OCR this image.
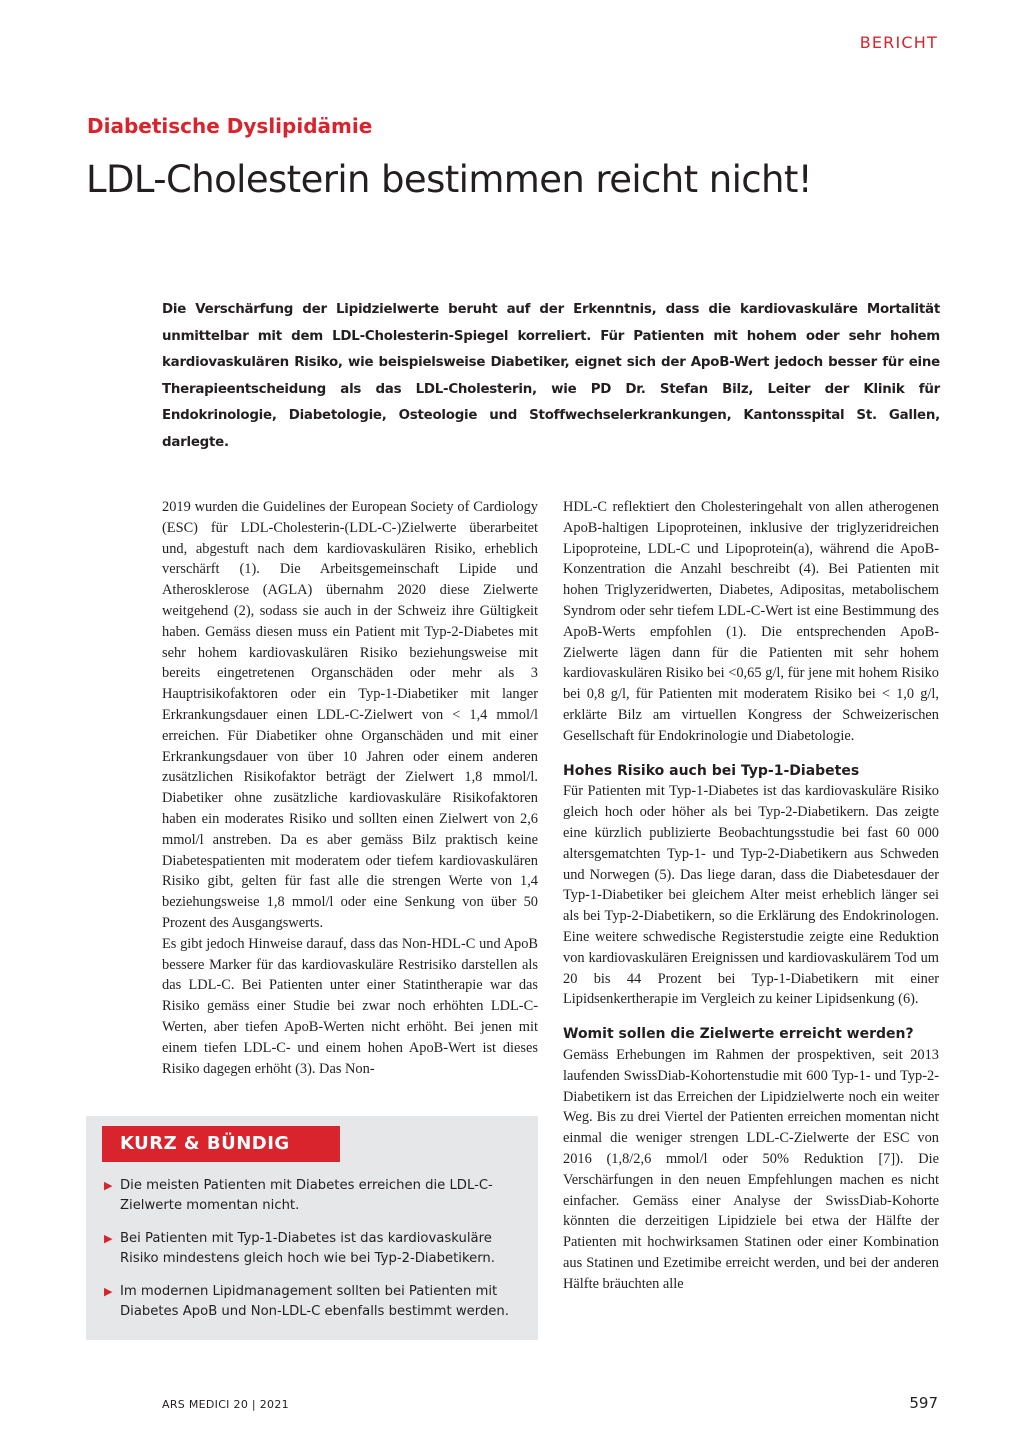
BERICHT
Diabetische Dyslipidämie
LDL-Cholesterin bestimmen reicht nicht!

Die Verschärfung der Lipidzielwerte beruht auf der Erkenntnis, dass die kardiovaskuläre Mortalität unmittelbar mit dem LDL-Cholesterin-Spiegel korreliert. Für Patienten mit hohem oder sehr hohem kardiovaskulären Risiko, wie beispielsweise Diabetiker, eignet sich der ApoB-Wert jedoch besser für eine Therapieentscheidung als das LDL-Cholesterin, wie PD Dr. Stefan Bilz, Leiter der Klinik für Endokrinologie, Diabetologie, Osteologie und Stoffwechselerkrankungen, Kantonsspital St. Gallen, darlegte.

2019 wurden die Guidelines der European Society of Cardiology (ESC) für LDL-Cholesterin-(LDL-C-)Zielwerte überarbeitet und, abgestuft nach dem kardiovaskulären Risiko, erheblich verschärft (1). Die Arbeitsgemeinschaft Lipide und Atherosklerose (AGLA) übernahm 2020 diese Zielwerte weitgehend (2), sodass sie auch in der Schweiz ihre Gültigkeit haben. Gemäss diesen muss ein Patient mit Typ-2-Diabetes mit sehr hohem kardiovaskulären Risiko beziehungsweise mit bereits eingetretenen Organschäden oder mehr als 3 Hauptrisikofaktoren oder ein Typ-1-Diabetiker mit langer Erkrankungsdauer einen LDL-C-Zielwert von < 1,4 mmol/l erreichen. Für Diabetiker ohne Organschäden und mit einer Erkrankungsdauer von über 10 Jahren oder einem anderen zusätzlichen Risikofaktor beträgt der Zielwert 1,8 mmol/l. Diabetiker ohne zusätzliche kardiovaskuläre Risikofaktoren haben ein moderates Risiko und sollten einen Zielwert von 2,6 mmol/l anstreben. Da es aber gemäss Bilz praktisch keine Diabetespatienten mit moderatem oder tiefem kardiovaskulären Risiko gibt, gelten für fast alle die strengen Werte von 1,4 beziehungsweise 1,8 mmol/l oder eine Senkung von über 50 Prozent des Ausgangswerts.

Es gibt jedoch Hinweise darauf, dass das Non-HDL-C und ApoB bessere Marker für das kardiovaskuläre Restrisiko darstellen als das LDL-C. Bei Patienten unter einer Statintherapie war das Risiko gemäss einer Studie bei zwar noch erhöhten LDL-C-Werten, aber tiefen ApoB-Werten nicht erhöht. Bei jenen mit einem tiefen LDL-C- und einem hohen ApoB-Wert ist dieses Risiko dagegen erhöht (3). Das Non-

HDL-C reflektiert den Cholesteringehalt von allen atherogenen ApoB-haltigen Lipoproteinen, inklusive der triglyzeridreichen Lipoproteine, LDL-C und Lipoprotein(a), während die ApoB-Konzentration die Anzahl beschreibt (4). Bei Patienten mit hohen Triglyzeridwerten, Diabetes, Adipositas, metabolischem Syndrom oder sehr tiefem LDL-C-Wert ist eine Bestimmung des ApoB-Werts empfohlen (1). Die entsprechenden ApoB-Zielwerte lägen dann für die Patienten mit sehr hohem kardiovaskulären Risiko bei <0,65 g/l, für jene mit hohem Risiko bei 0,8 g/l, für Patienten mit moderatem Risiko bei < 1,0 g/l, erklärte Bilz am virtuellen Kongress der Schweizerischen Gesellschaft für Endokrinologie und Diabetologie.

Hohes Risiko auch bei Typ-1-Diabetes

Für Patienten mit Typ-1-Diabetes ist das kardiovaskuläre Risiko gleich hoch oder höher als bei Typ-2-Diabetikern. Das zeigte eine kürzlich publizierte Beobachtungsstudie bei fast 60 000 altersgematchten Typ-1- und Typ-2-Diabetikern aus Schweden und Norwegen (5). Das liege daran, dass die Diabetesdauer der Typ-1-Diabetiker bei gleichem Alter meist erheblich länger sei als bei Typ-2-Diabetikern, so die Erklärung des Endokrinologen. Eine weitere schwedische Registerstudie zeigte eine Reduktion von kardiovaskulären Ereignissen und kardiovaskulärem Tod um 20 bis 44 Prozent bei Typ-1-Diabetikern mit einer Lipidsenkertherapie im Vergleich zu keiner Lipidsenkung (6).

Womit sollen die Zielwerte erreicht werden?

Gemäss Erhebungen im Rahmen der prospektiven, seit 2013 laufenden SwissDiab-Kohortenstudie mit 600 Typ-1- und Typ-2-Diabetikern ist das Erreichen der Lipidzielwerte noch ein weiter Weg. Bis zu drei Viertel der Patienten erreichen momentan nicht einmal die weniger strengen LDL-C-Zielwerte der ESC von 2016 (1,8/2,6 mmol/l oder 50% Reduktion [7]). Die Verschärfungen in den neuen Empfehlungen machen es nicht einfacher. Gemäss einer Analyse der SwissDiab-Kohorte könnten die derzeitigen Lipidziele bei etwa der Hälfte der Patienten mit hochwirksamen Statinen oder einer Kombination aus Statinen und Ezetimibe erreicht werden, und bei der anderen Hälfte bräuchten alle

KURZ & BÜNDIG
▶ Die meisten Patienten mit Diabetes erreichen die LDL-C-Zielwerte momentan nicht.
▶ Bei Patienten mit Typ-1-Diabetes ist das kardiovaskuläre Risiko mindestens gleich hoch wie bei Typ-2-Diabetikern.
▶ Im modernen Lipidmanagement sollten bei Patienten mit Diabetes ApoB und Non-LDL-C ebenfalls bestimmt werden.
ARS MEDICI 20 | 2021	597
